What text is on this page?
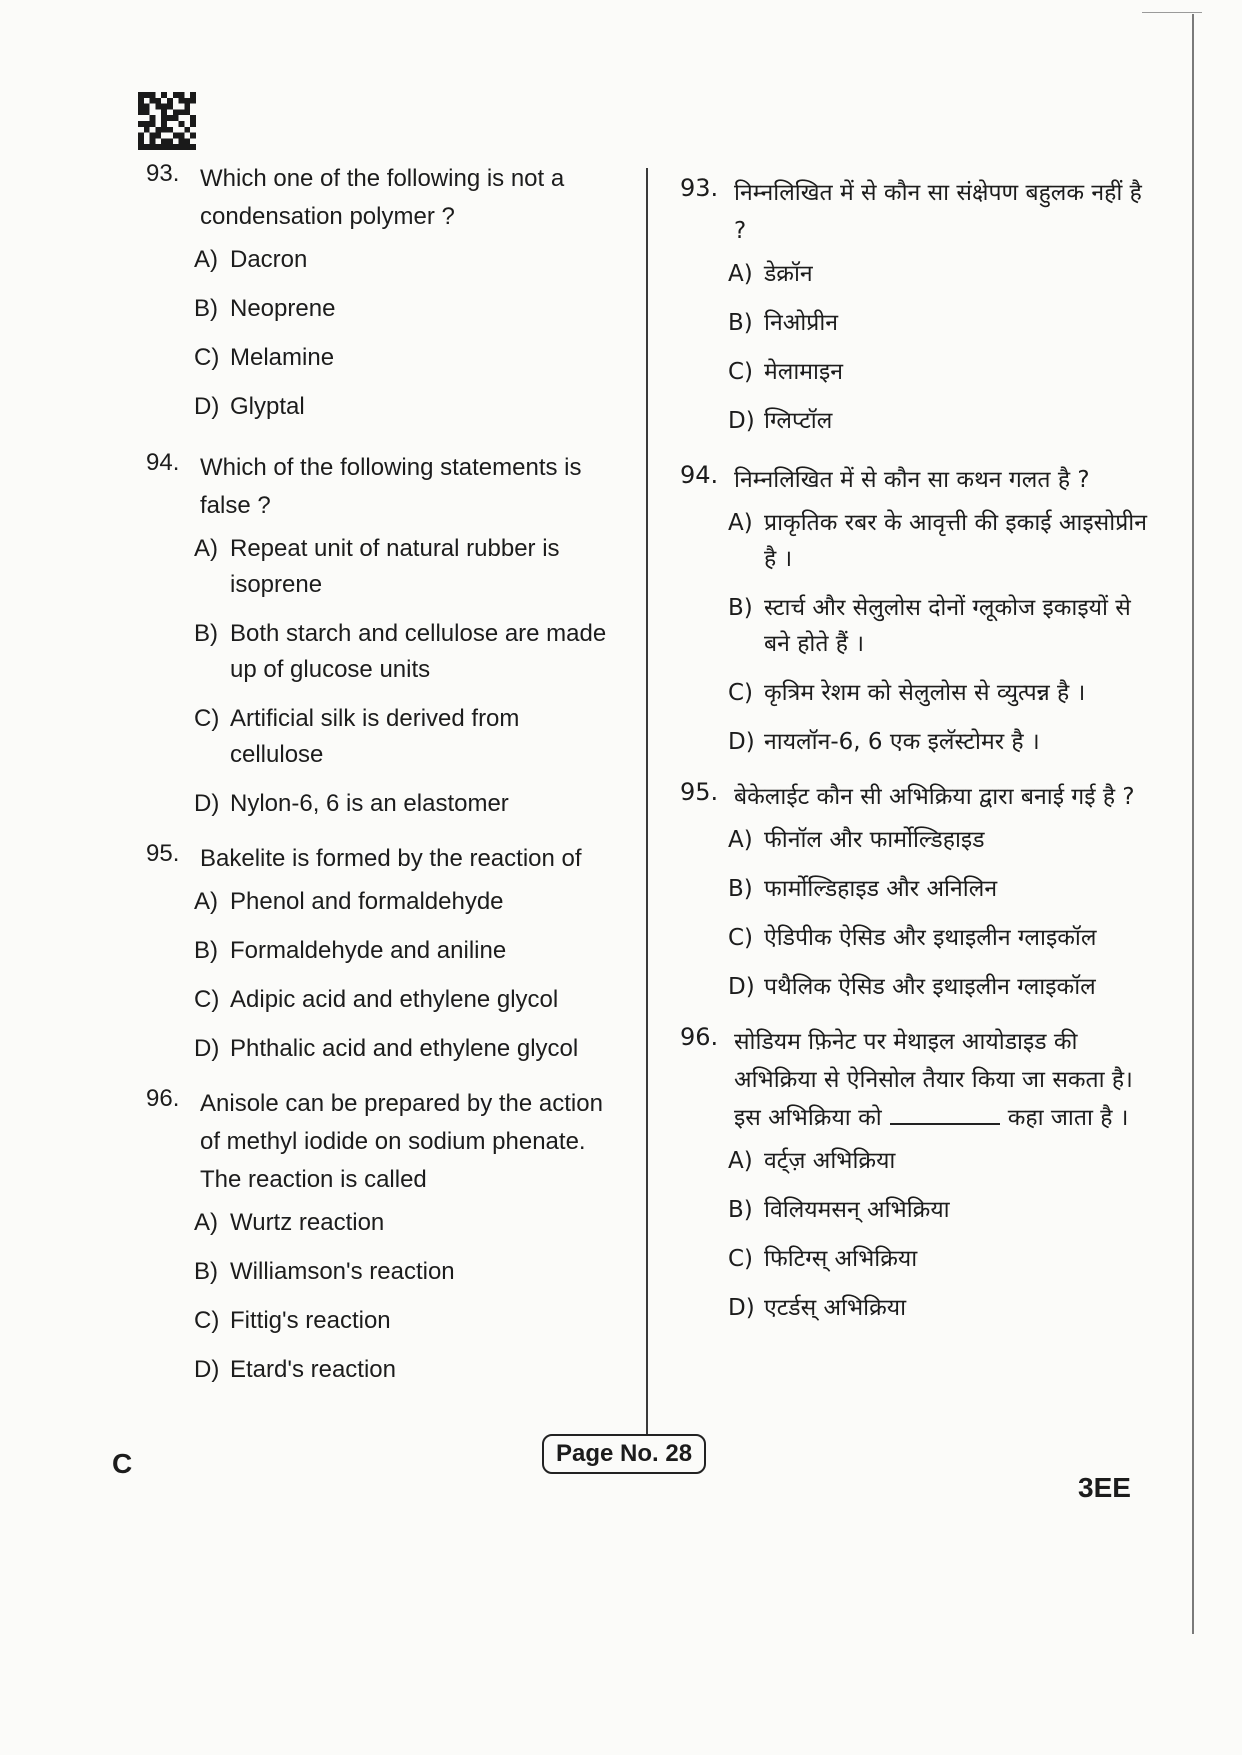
93. Which one of the following is not a condensation polymer ?
A) Dacron
B) Neoprene
C) Melamine
D) Glyptal
94. Which of the following statements is false ?
A) Repeat unit of natural rubber is isoprene
B) Both starch and cellulose are made up of glucose units
C) Artificial silk is derived from cellulose
D) Nylon-6, 6 is an elastomer
95. Bakelite is formed by the reaction of
A) Phenol and formaldehyde
B) Formaldehyde and aniline
C) Adipic acid and ethylene glycol
D) Phthalic acid and ethylene glycol
96. Anisole can be prepared by the action of methyl iodide on sodium phenate. The reaction is called
A) Wurtz reaction
B) Williamson's reaction
C) Fittig's reaction
D) Etard's reaction
93. निम्नलिखित में से कौन सा संक्षेपण बहुलक नहीं है ?
A) डेक्रॉन
B) निओप्रीन
C) मेलामाइन
D) ग्लिप्टॉल
94. निम्नलिखित में से कौन सा कथन गलत है ?
A) प्राकृतिक रबर के आवृत्ती की इकाई आइसोप्रीन है ।
B) स्टार्च और सेलुलोस दोनों ग्लूकोज इकाइयों से बने होते हैं ।
C) कृत्रिम रेशम को सेलुलोस से व्युत्पन्न है ।
D) नायलॉन-6, 6 एक इलॅस्टोमर है ।
95. बेकेलाईट कौन सी अभिक्रिया द्वारा बनाई गई है ?
A) फीनॉल और फार्मोल्डिहाइड
B) फार्मोल्डिहाइड और अनिलिन
C) ऐडिपीक ऐसिड और इथाइलीन ग्लाइकॉल
D) पथैलिक ऐसिड और इथाइलीन ग्लाइकॉल
96. सोडियम फ़िनेट पर मेथाइल आयोडाइड की अभिक्रिया से ऐनिसोल तैयार किया जा सकता है। इस अभिक्रिया को	कहा जाता है ।
A) वर्ट्ज़ अभिक्रिया
B) विलियमसन् अभिक्रिया
C) फिटिग्स् अभिक्रिया
D) एटर्डस् अभिक्रिया
C	Page No. 28
3EE
